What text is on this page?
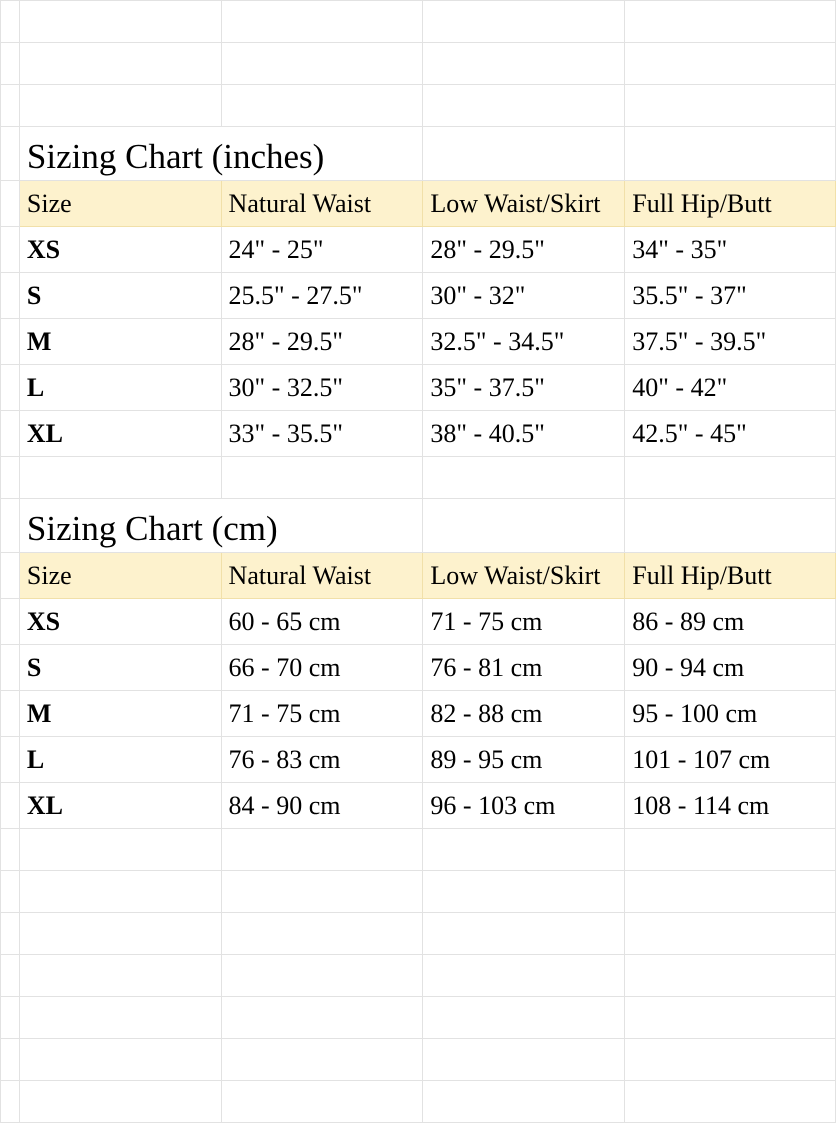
	Sizing Chart (inches)			
	Size	Natural Waist	Low Waist/Skirt	Full Hip/Butt
	XS	24" - 25"	28" - 29.5"	34" - 35"
	S	25.5" - 27.5"	30" - 32"	35.5" - 37"
	M	28" - 29.5"	32.5" - 34.5"	37.5" - 39.5"
	L	30" - 32.5"	35" - 37.5"	40" - 42"
	XL	33" - 35.5"	38" - 40.5"	42.5" - 45"

	Sizing Chart (cm)			
	Size	Natural Waist	Low Waist/Skirt	Full Hip/Butt
	XS	60 - 65 cm	71 - 75 cm	86 - 89 cm
	S	66 - 70 cm	76 - 81 cm	90 - 94 cm
	M	71 - 75 cm	82 - 88 cm	95 - 100 cm
	L	76 - 83 cm	89 - 95 cm	101 - 107 cm
	XL	84 - 90 cm	96 - 103 cm	108 - 114 cm
